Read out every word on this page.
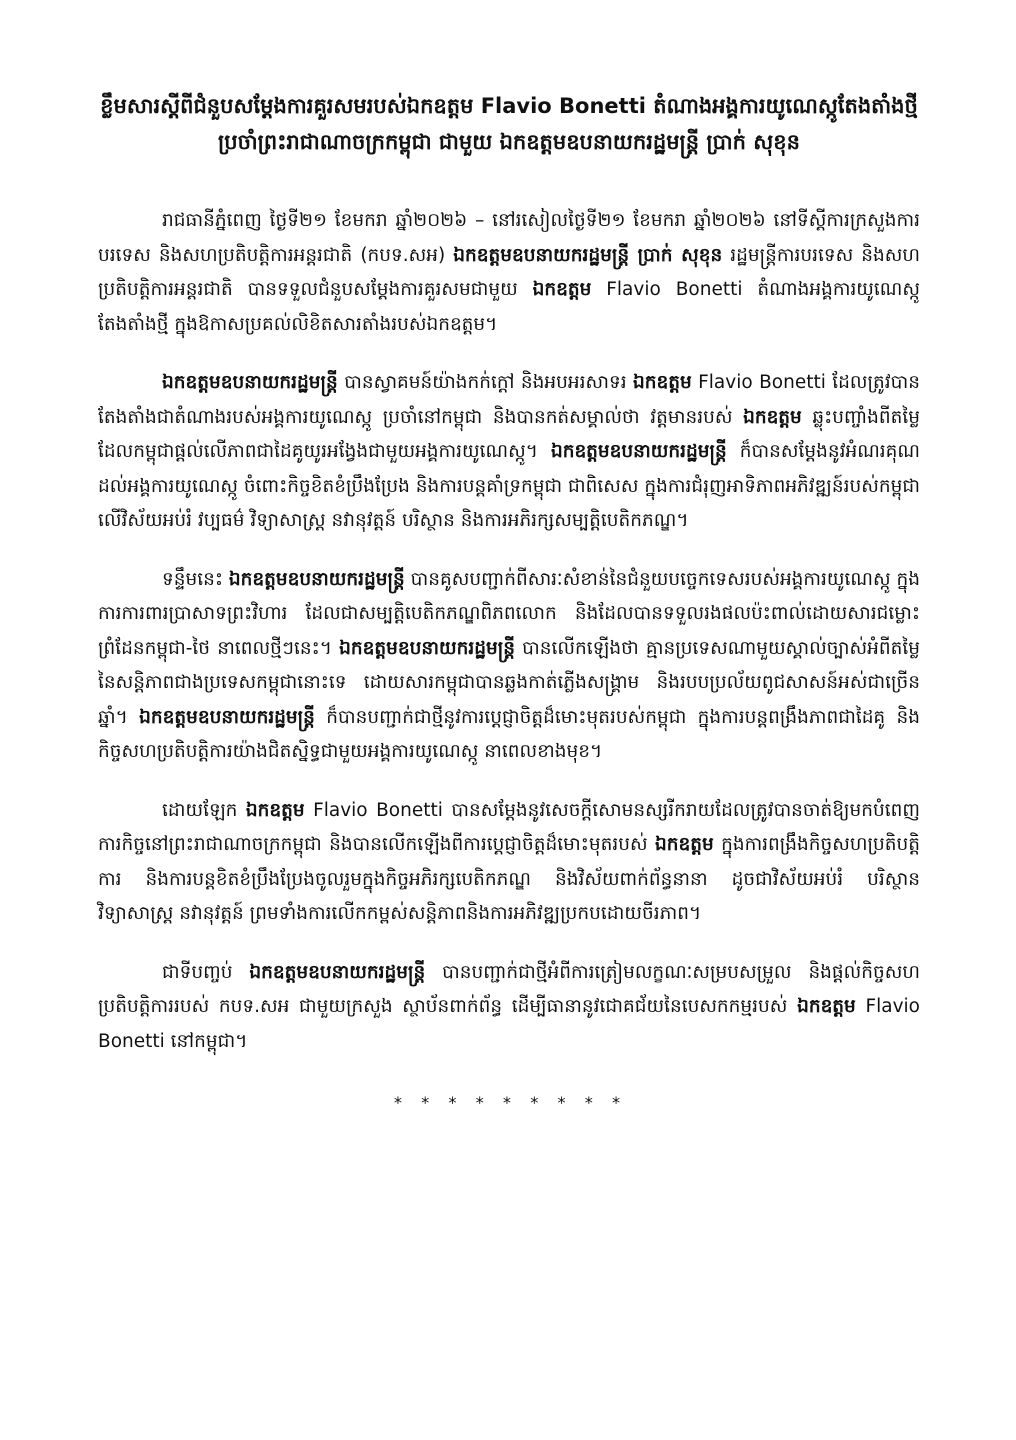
ខ្លឹមសារស្តីពីជំនួបសម្តែងការគួរសមរបស់ឯកឧត្តម Flavio Bonetti តំណាងអង្គការយូណេស្កូតែងតាំងថ្មី
ប្រចាំព្រះរាជាណាចក្រកម្ពុជា ជាមួយ ឯកឧត្តមឧបនាយករដ្ឋមន្ត្រី ប្រាក់ សុខុន

រាជធានីភ្នំពេញ ថ្ងៃទី២១ ខែមករា ឆ្នាំ២០២៦ – នៅរសៀលថ្ងៃទី២១ ខែមករា ឆ្នាំ២០២៦ នៅទីស្តីការក្រសួងការបរទេស និងសហប្រតិបត្តិការអន្តរជាតិ (កបទ.សអ) ឯកឧត្តមឧបនាយករដ្ឋមន្ត្រី ប្រាក់ សុខុន រដ្ឋមន្ត្រីការបរទេស និងសហប្រតិបត្តិការអន្តរជាតិ បានទទួលជំនួបសម្តែងការគួរសមជាមួយ ឯកឧត្តម Flavio Bonetti តំណាងអង្គការយូណេស្កូតែងតាំងថ្មី ក្នុងឱកាសប្រគល់លិខិតសារតាំងរបស់ឯកឧត្តម។

ឯកឧត្តមឧបនាយករដ្ឋមន្ត្រី បានស្វាគមន៍យ៉ាងកក់ក្តៅ និងអបអរសាទរ ឯកឧត្តម Flavio Bonetti ដែលត្រូវបានតែងតាំងជាតំណាងរបស់អង្គការយូណេស្កូ ប្រចាំនៅកម្ពុជា និងបានកត់សម្គាល់ថា វត្តមានរបស់ ឯកឧត្តម ឆ្លុះបញ្ចាំងពីតម្លៃដែលកម្ពុជាផ្តល់លើភាពជាដៃគូយូរអង្វែងជាមួយអង្គការយូណេស្កូ។ ឯកឧត្តមឧបនាយករដ្ឋមន្ត្រី ក៏បានសម្តែងនូវអំណរគុណដល់អង្គការយូណេស្កូ ចំពោះកិច្ចខិតខំប្រឹងប្រែង និងការបន្តគាំទ្រកម្ពុជា ជាពិសេស ក្នុងការជំរុញអាទិភាពអភិវឌ្ឍន៍របស់កម្ពុជា លើវិស័យអប់រំ វប្បធម៌ វិទ្យាសាស្ត្រ នវានុវត្តន៍ បរិស្ថាន និងការអភិរក្សសម្បត្តិបេតិកភណ្ឌ។

ទន្ទឹមនេះ ឯកឧត្តមឧបនាយករដ្ឋមន្ត្រី បានគូសបញ្ជាក់ពីសារៈសំខាន់នៃជំនួយបច្ចេកទេសរបស់អង្គការយូណេស្កូ ក្នុងការការពារប្រាសាទព្រះវិហារ ដែលជាសម្បត្តិបេតិកភណ្ឌពិភពលោក និងដែលបានទទួលរងផលប៉ះពាល់ដោយសារជម្លោះព្រំដែនកម្ពុជា-ថៃ នាពេលថ្មីៗនេះ។ ឯកឧត្តមឧបនាយករដ្ឋមន្ត្រី បានលើកឡើងថា គ្មានប្រទេសណាមួយស្គាល់ច្បាស់អំពីតម្លៃនៃសន្តិភាពជាងប្រទេសកម្ពុជានោះទេ ដោយសារកម្ពុជាបានឆ្លងកាត់ភ្លើងសង្គ្រាម និងរបបប្រល័យពូជសាសន៍អស់ជាច្រើនឆ្នាំ។ ឯកឧត្តមឧបនាយករដ្ឋមន្ត្រី ក៏បានបញ្ជាក់ជាថ្មីនូវការប្តេជ្ញាចិត្តដ៏មោះមុតរបស់កម្ពុជា ក្នុងការបន្តពង្រឹងភាពជាដៃគូ និងកិច្ចសហប្រតិបត្តិការយ៉ាងជិតស្និទ្ធជាមួយអង្គការយូណេស្កូ នាពេលខាងមុខ។

ដោយឡែក ឯកឧត្តម Flavio Bonetti បានសម្តែងនូវសេចក្តីសោមនស្សរីករាយដែលត្រូវបានចាត់ឱ្យមកបំពេញការកិច្ចនៅព្រះរាជាណាចក្រកម្ពុជា និងបានលើកឡើងពីការប្តេជ្ញាចិត្តដ៏មោះមុតរបស់ ឯកឧត្តម ក្នុងការពង្រឹងកិច្ចសហប្រតិបត្តិការ និងការបន្តខិតខំប្រឹងប្រែងចូលរួមក្នុងកិច្ចអភិរក្សបេតិកភណ្ឌ និងវិស័យពាក់ព័ន្ធនានា ដូចជាវិស័យអប់រំ បរិស្ថាន វិទ្យាសាស្ត្រ នវានុវត្តន៍ ព្រមទាំងការលើកកម្ពស់សន្តិភាពនិងការអភិវឌ្ឍប្រកបដោយចីរភាព។

ជាទីបញ្ចប់ ឯកឧត្តមឧបនាយករដ្ឋមន្ត្រី បានបញ្ជាក់ជាថ្មីអំពីការត្រៀមលក្ខណៈសម្របសម្រួល និងផ្តល់កិច្ចសហប្រតិបត្តិការរបស់ កបទ.សអ ជាមួយក្រសួង ស្ថាប័នពាក់ព័ន្ធ ដើម្បីធានានូវជោគជ័យនៃបេសកកម្មរបស់ ឯកឧត្តម Flavio Bonetti នៅកម្ពុជា។

* * * * * * * * *
